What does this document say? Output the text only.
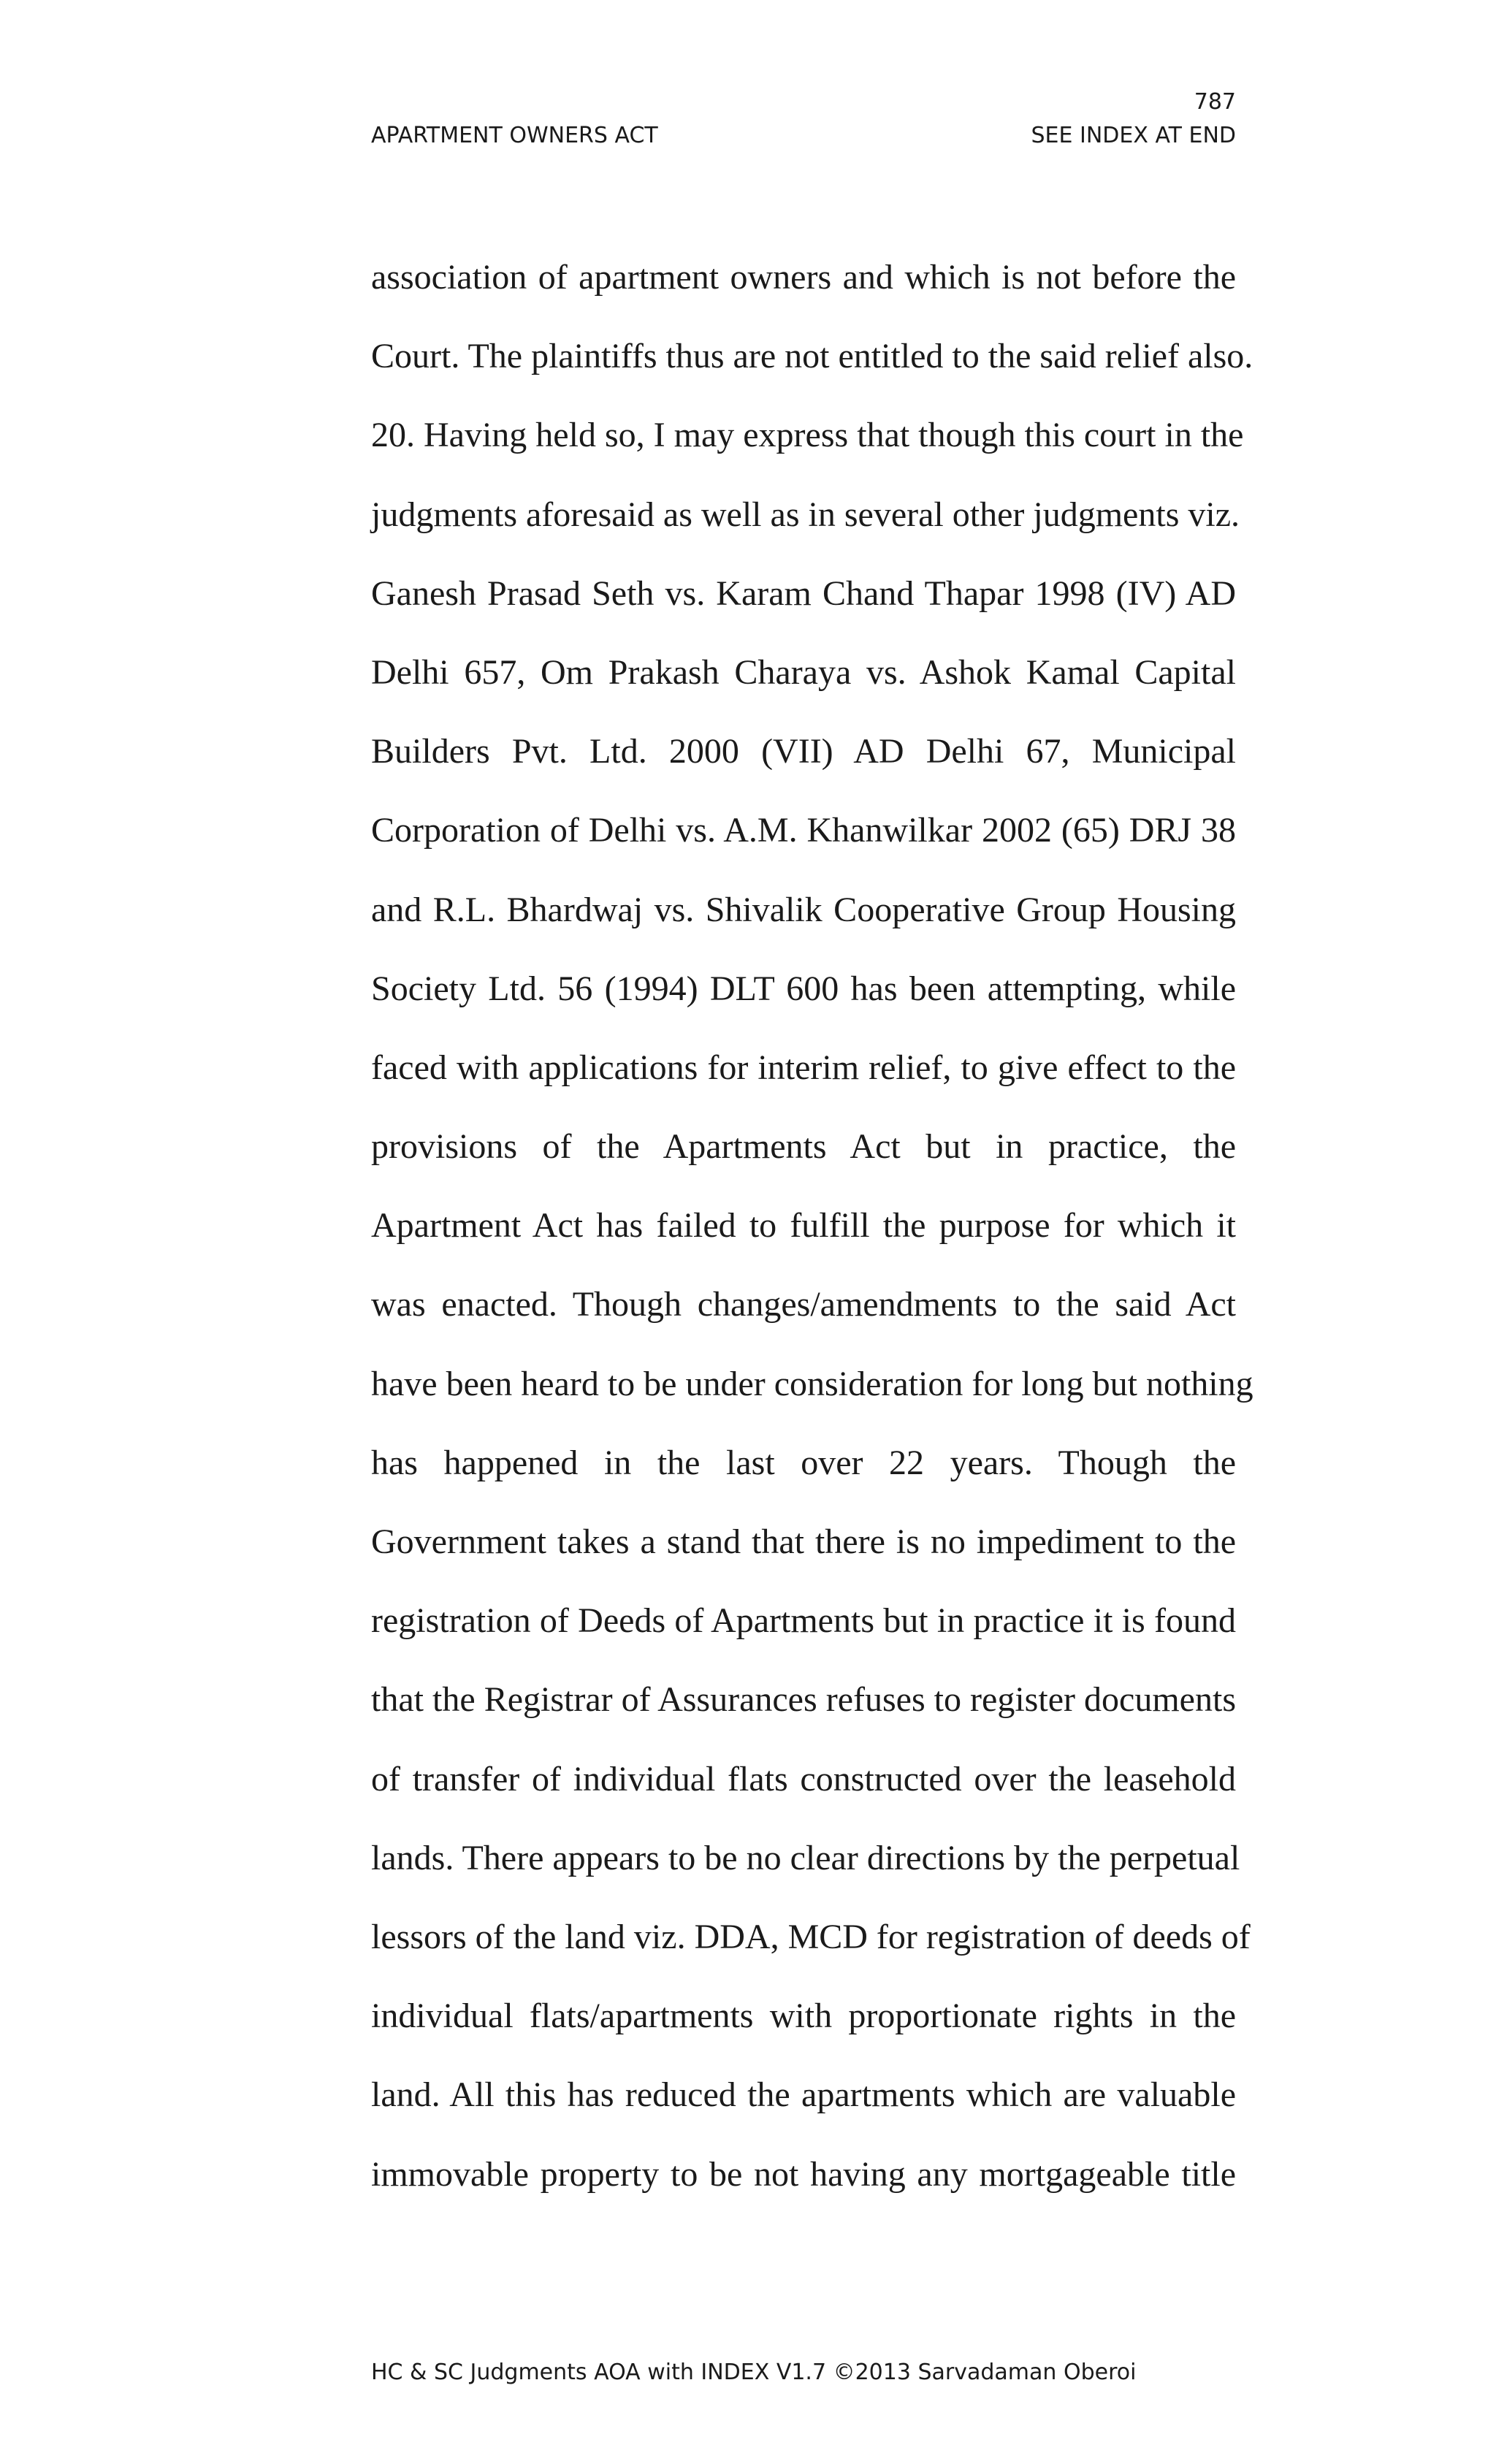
787
APARTMENT OWNERS ACT	SEE INDEX AT END
association of apartment owners and which is not before the
Court. The plaintiffs thus are not entitled to the said relief also.
20. Having held so, I may express that though this court in the
judgments aforesaid as well as in several other judgments viz.
Ganesh Prasad Seth vs. Karam Chand Thapar 1998 (IV) AD
Delhi 657, Om Prakash Charaya vs. Ashok Kamal Capital
Builders Pvt. Ltd. 2000 (VII) AD Delhi 67, Municipal
Corporation of Delhi vs. A.M. Khanwilkar 2002 (65) DRJ 38
and R.L. Bhardwaj vs. Shivalik Cooperative Group Housing
Society Ltd. 56 (1994) DLT 600 has been attempting, while
faced with applications for interim relief, to give effect to the
provisions of the Apartments Act but in practice, the
Apartment Act has failed to fulfill the purpose for which it
was enacted. Though changes/amendments to the said Act
have been heard to be under consideration for long but nothing
has happened in the last over 22 years. Though the
Government takes a stand that there is no impediment to the
registration of Deeds of Apartments but in practice it is found
that the Registrar of Assurances refuses to register documents
of transfer of individual flats constructed over the leasehold
lands. There appears to be no clear directions by the perpetual
lessors of the land viz. DDA, MCD for registration of deeds of
individual flats/apartments with proportionate rights in the
land. All this has reduced the apartments which are valuable
immovable property to be not having any mortgageable title
HC & SC Judgments AOA with INDEX V1.7 ©2013 Sarvadaman Oberoi
